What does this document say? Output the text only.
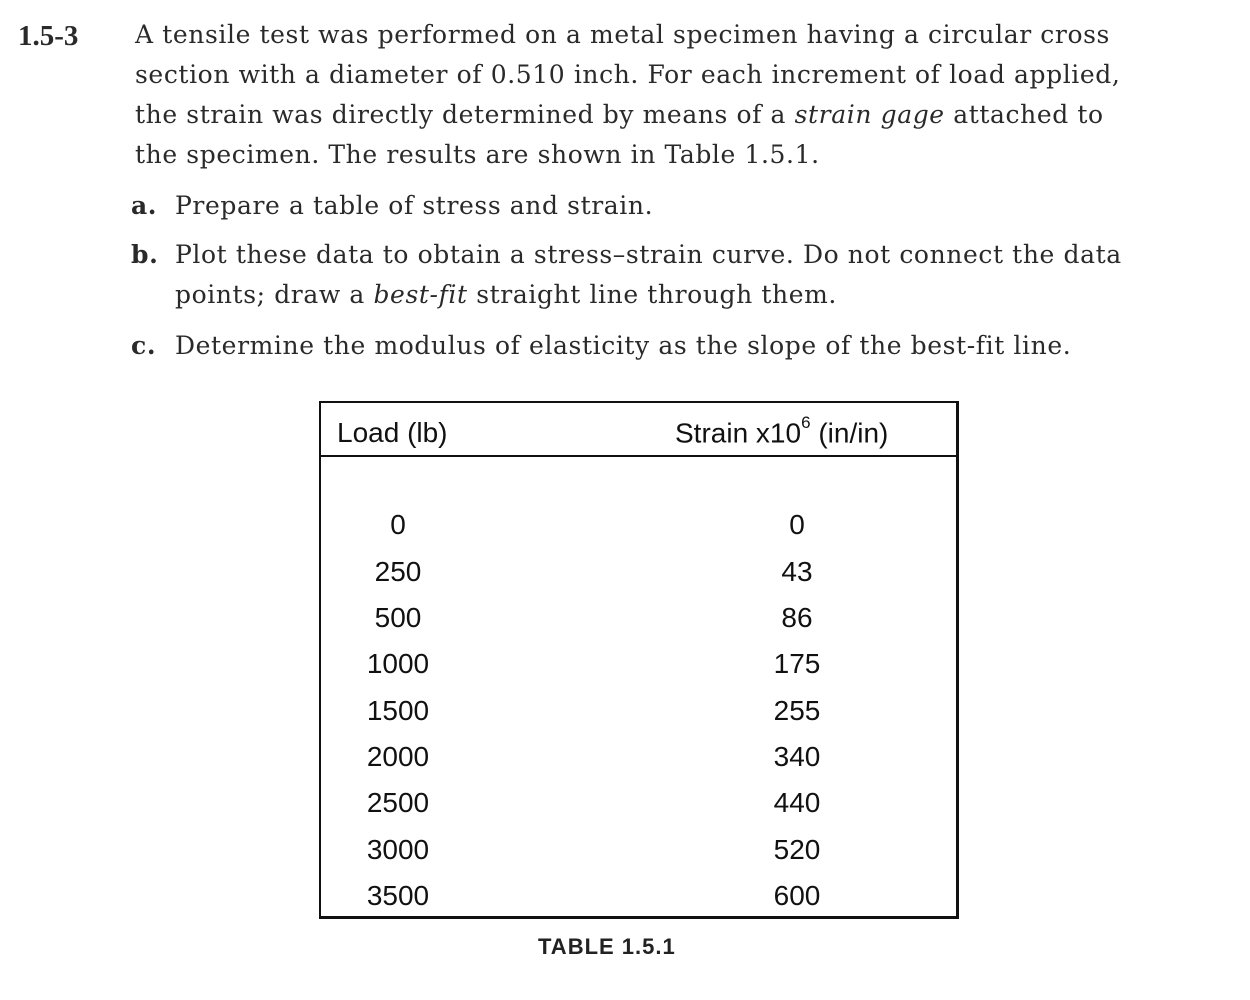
1.5-3 A tensile test was performed on a metal specimen having a circular cross
section with a diameter of 0.510 inch. For each increment of load applied,
the strain was directly determined by means of a strain gage attached to
the specimen. The results are shown in Table 1.5.1.
a. Prepare a table of stress and strain.
b. Plot these data to obtain a stress–strain curve. Do not connect the data
points; draw a best-fit straight line through them.
c. Determine the modulus of elasticity as the slope of the best-fit line.
Load (lb)	Strain $x10^6$ (in/in)
0	0
250	43
500	86
1000	175
1500	255
2000	340
2500	440
3000	520
3500	600
TABLE 1.5.1
